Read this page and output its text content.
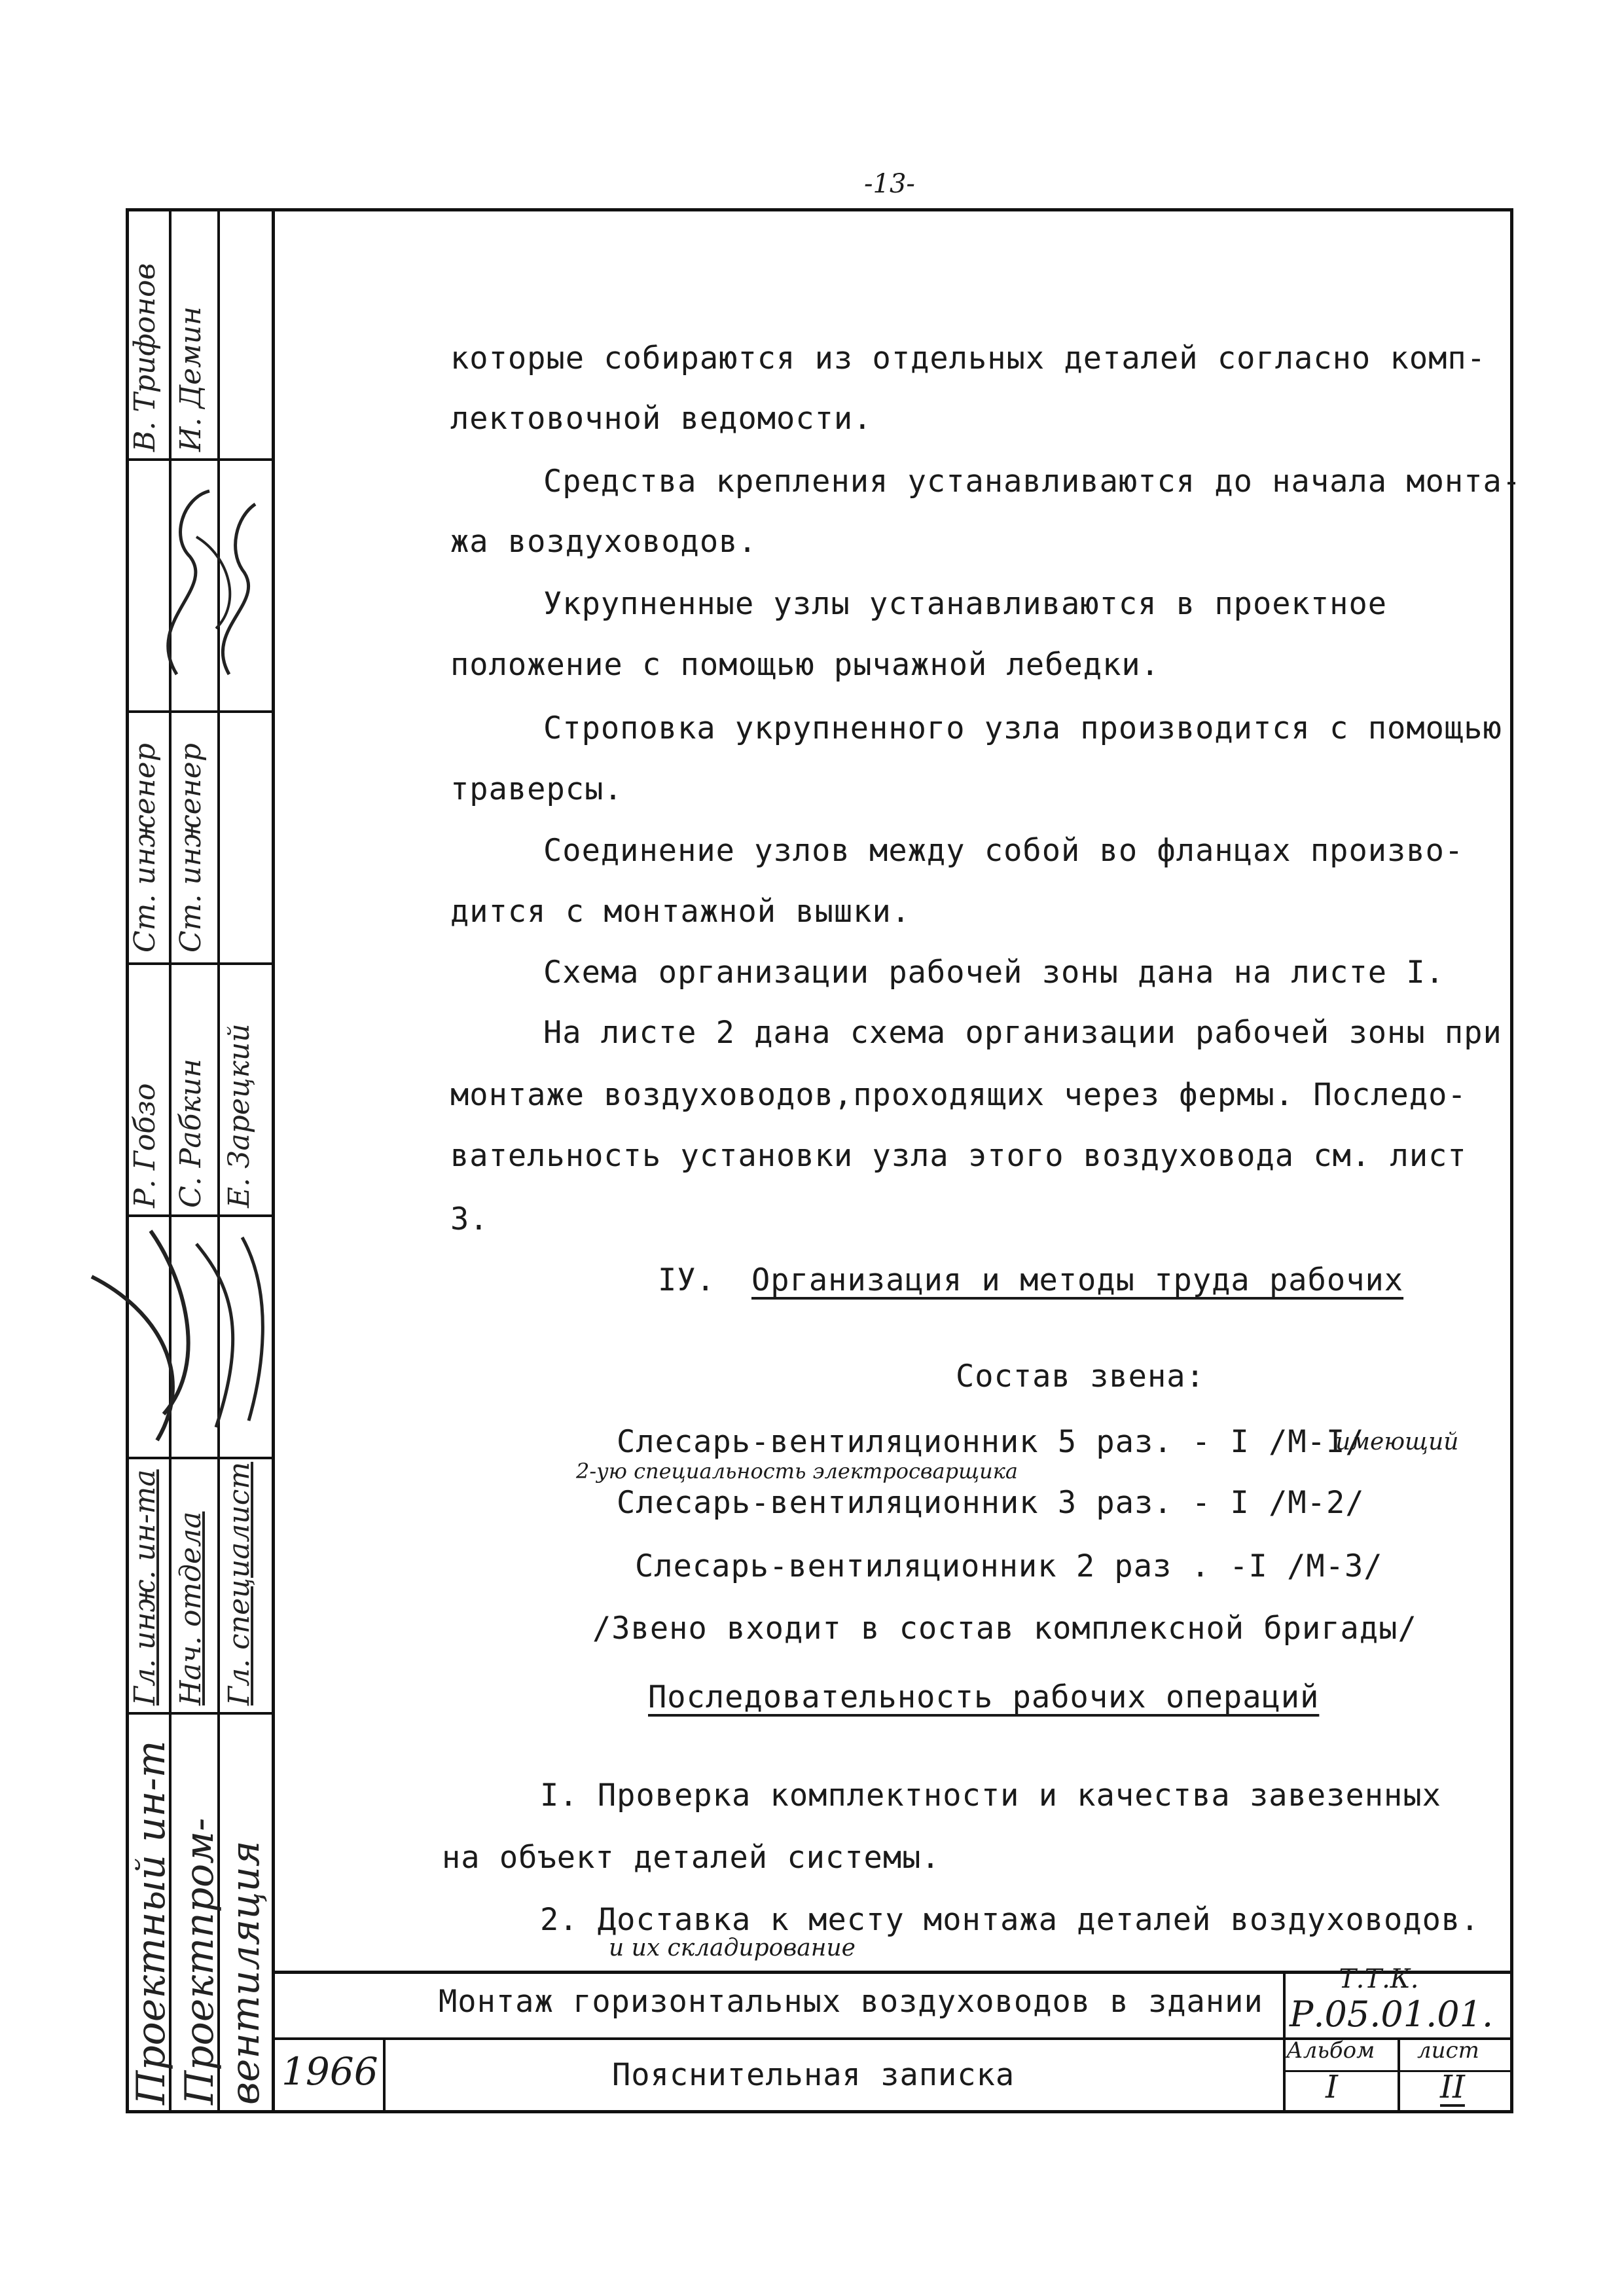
-13-
В. Трифонов И. Демин
Ст. инженер Ст. инженер
Р. Гобзо С. Рабкин Е. Зарецкий
Гл. инж. ин-та Нач. отдела Гл. специалист
Проектный ин-т Проектпром- вентиляция
которые собираются из отдельных деталей согласно комп-
лектовочной ведомости.
Средства крепления устанавливаются до начала монта-
жа воздуховодов.
Укрупненные узлы устанавливаются в проектное
положение с помощью рычажной лебедки.
Строповка укрупненного узла производится с помощью
траверсы.
Соединение узлов между собой во фланцах произво-
дится с монтажной вышки.
Схема организации рабочей зоны дана на листе I.
На листе 2 дана схема организации рабочей зоны при
монтаже воздуховодов,проходящих через фермы. Последо-
вательность установки узла этого воздуховода см. лист
3.
IУ. Организация и методы труда рабочих
Состав звена:
Слесарь-вентиляционник 5 раз. - I /М-I/
имеющий
2-ую специальность электросварщика
Слесарь-вентиляционник 3 раз. - I /М-2/
Слесарь-вентиляционник 2 раз . -I /М-3/
/Звено входит в состав комплексной бригады/
Последовательность рабочих операций
I. Проверка комплектности и качества завезенных
на объект деталей системы.
2. Доставка к месту монтажа деталей воздуховодов.
и их складирование
Монтаж горизонтальных воздуховодов в здании
Т.Т.К.
Р.05.01.01.
1966	Пояснительная записка
Альбом
I
лист
II
